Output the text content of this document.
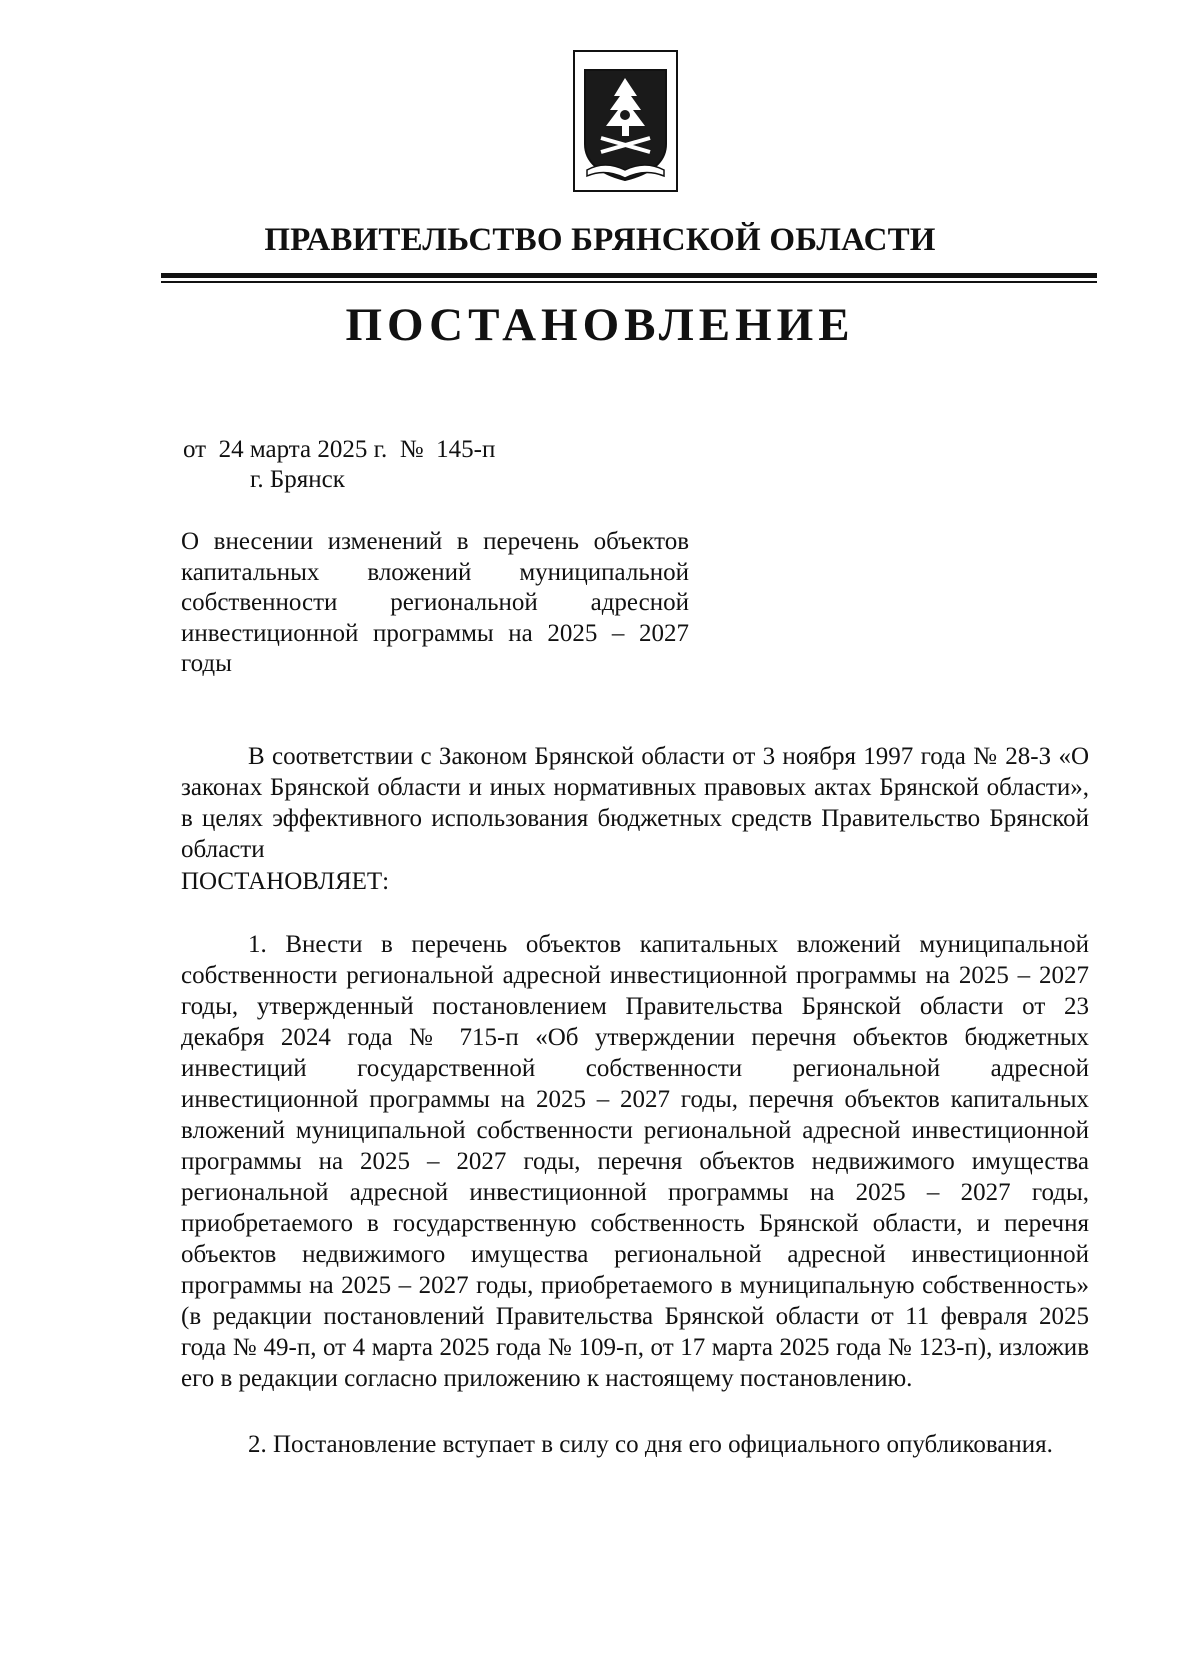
ПРАВИТЕЛЬСТВО БРЯНСКОЙ ОБЛАСТИ
ПОСТАНОВЛЕНИЕ
от  24 марта 2025 г.  №  145-п
г. Брянск
О внесении изменений в перечень объектов капитальных вложений муниципальной собственности региональной адресной инвестиционной программы на 2025 – 2027 годы
В соответствии с Законом Брянской области от 3 ноября 1997 года № 28-З «О законах Брянской области и иных нормативных правовых актах Брянской области», в целях эффективного использования бюджетных средств Правительство Брянской области
ПОСТАНОВЛЯЕТ:
1. Внести в перечень объектов капитальных вложений муниципальной собственности региональной адресной инвестиционной программы на 2025 – 2027 годы, утвержденный постановлением Правительства Брянской области от 23 декабря 2024 года № 715-п «Об утверждении перечня объектов бюджетных инвестиций государственной собственности региональной адресной инвестиционной программы на 2025 – 2027 годы, перечня объектов капитальных вложений муниципальной собственности региональной адресной инвестиционной программы на 2025 – 2027 годы, перечня объектов недвижимого имущества региональной адресной инвестиционной программы на 2025 – 2027 годы, приобретаемого в государственную собственность Брянской области, и перечня объектов недвижимого имущества региональной адресной инвестиционной программы на 2025 – 2027 годы, приобретаемого в муниципальную собственность» (в редакции постановлений Правительства Брянской области от 11 февраля 2025 года № 49-п, от 4 марта 2025 года № 109-п, от 17 марта 2025 года № 123-п), изложив его в редакции согласно приложению к настоящему постановлению.
2. Постановление вступает в силу со дня его официального опубликования.
